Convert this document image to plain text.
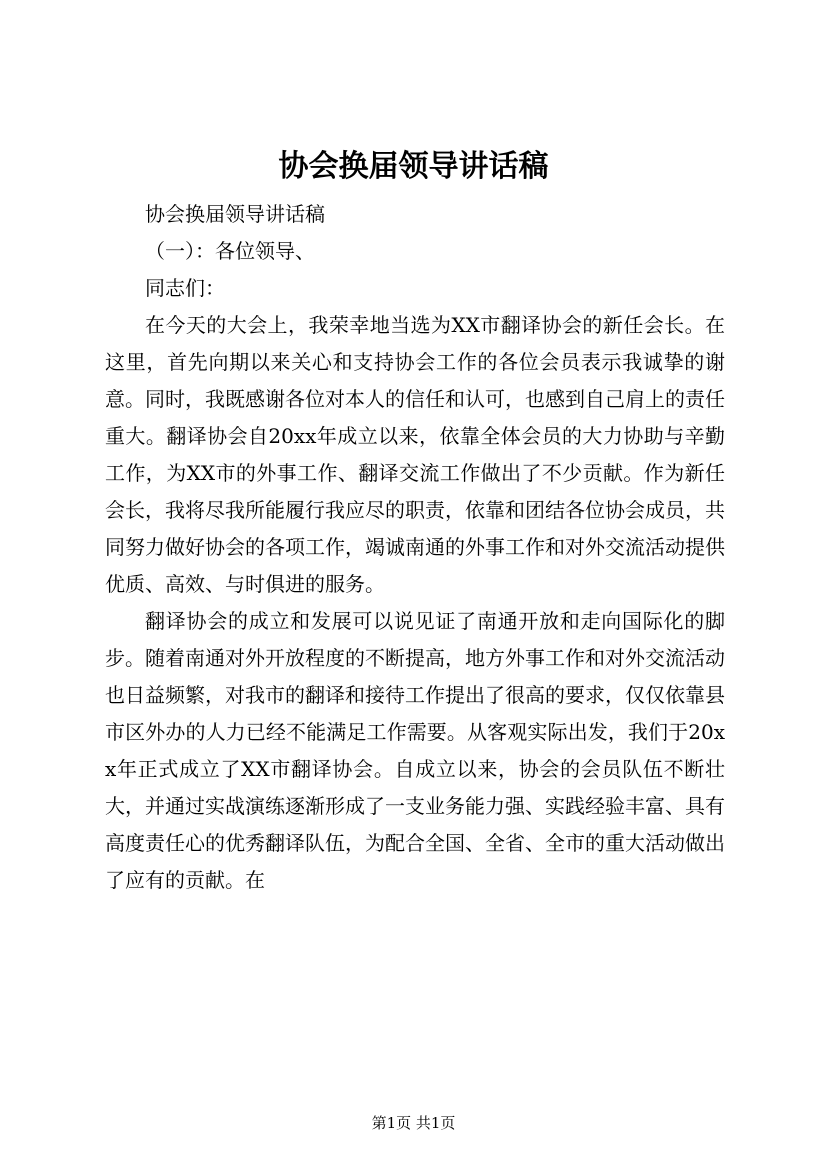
协会换届领导讲话稿

协会换届领导讲话稿

（一）：各位领导、

同志们：

在今天的大会上，我荣幸地当选为XX市翻译协会的新任会长。在这里，首先向期以来关心和支持协会工作的各位会员表示我诚挚的谢意。同时，我既感谢各位对本人的信任和认可，也感到自己肩上的责任重大。翻译协会自20xx年成立以来，依靠全体会员的大力协助与辛勤工作，为XX市的外事工作、翻译交流工作做出了不少贡献。作为新任会长，我将尽我所能履行我应尽的职责，依靠和团结各位协会成员，共同努力做好协会的各项工作，竭诚南通的外事工作和对外交流活动提供优质、高效、与时俱进的服务。

翻译协会的成立和发展可以说见证了南通开放和走向国际化的脚步。随着南通对外开放程度的不断提高，地方外事工作和对外交流活动也日益频繁，对我市的翻译和接待工作提出了很高的要求，仅仅依靠县市区外办的人力已经不能满足工作需要。从客观实际出发，我们于20xx年正式成立了XX市翻译协会。自成立以来，协会的会员队伍不断壮大，并通过实战演练逐渐形成了一支业务能力强、实践经验丰富、具有高度责任心的优秀翻译队伍，为配合全国、全省、全市的重大活动做出了应有的贡献。在

第1页 共1页
